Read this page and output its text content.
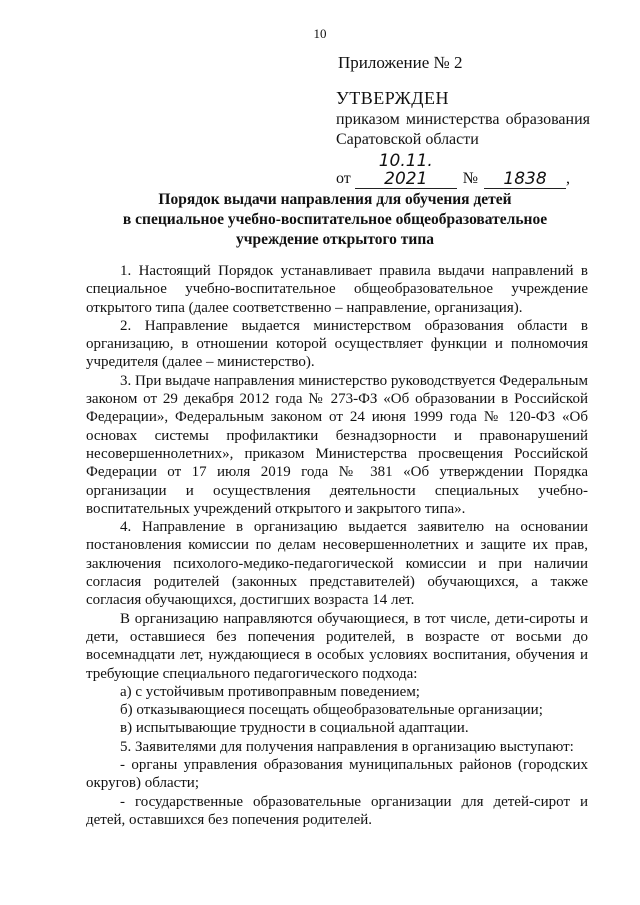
10
Приложение № 2
УТВЕРЖДЕН
приказом министерства образования
Саратовской области
от
10.11. 2021	№	1838	,
Порядок выдачи направления для обучения детей
в специальное учебно-воспитательное общеобразовательное
учреждение открытого типа

1. Настоящий Порядок устанавливает правила выдачи направлений в специальное учебно-воспитательное общеобразовательное учреждение открытого типа (далее соответственно – направление, организация).

2. Направление выдается министерством образования области в организацию, в отношении которой осуществляет функции и полномочия учредителя (далее – министерство).

3. При выдаче направления министерство руководствуется Федеральным законом от 29 декабря 2012 года № 273-ФЗ «Об образовании в Российской Федерации», Федеральным законом от 24 июня 1999 года № 120-ФЗ «Об основах системы профилактики безнадзорности и правонарушений несовершеннолетних», приказом Министерства просвещения Российской Федерации от 17 июля 2019 года № 381 «Об утверждении Порядка организации и осуществления деятельности специальных учебно-воспитательных учреждений открытого и закрытого типа».

4. Направление в организацию выдается заявителю на основании постановления комиссии по делам несовершеннолетних и защите их прав, заключения психолого-медико-педагогической комиссии и при наличии согласия родителей (законных представителей) обучающихся, а также согласия обучающихся, достигших возраста 14 лет.

В организацию направляются обучающиеся, в тот числе, дети-сироты и дети, оставшиеся без попечения родителей, в возрасте от восьми до восемнадцати лет, нуждающиеся в особых условиях воспитания, обучения и требующие специального педагогического подхода:

а) с устойчивым противоправным поведением;

б) отказывающиеся посещать общеобразовательные организации;

в) испытывающие трудности в социальной адаптации.

5. Заявителями для получения направления в организацию выступают:

- органы управления образования муниципальных районов (городских округов) области;

- государственные образовательные организации для детей-сирот и детей, оставшихся без попечения родителей.
